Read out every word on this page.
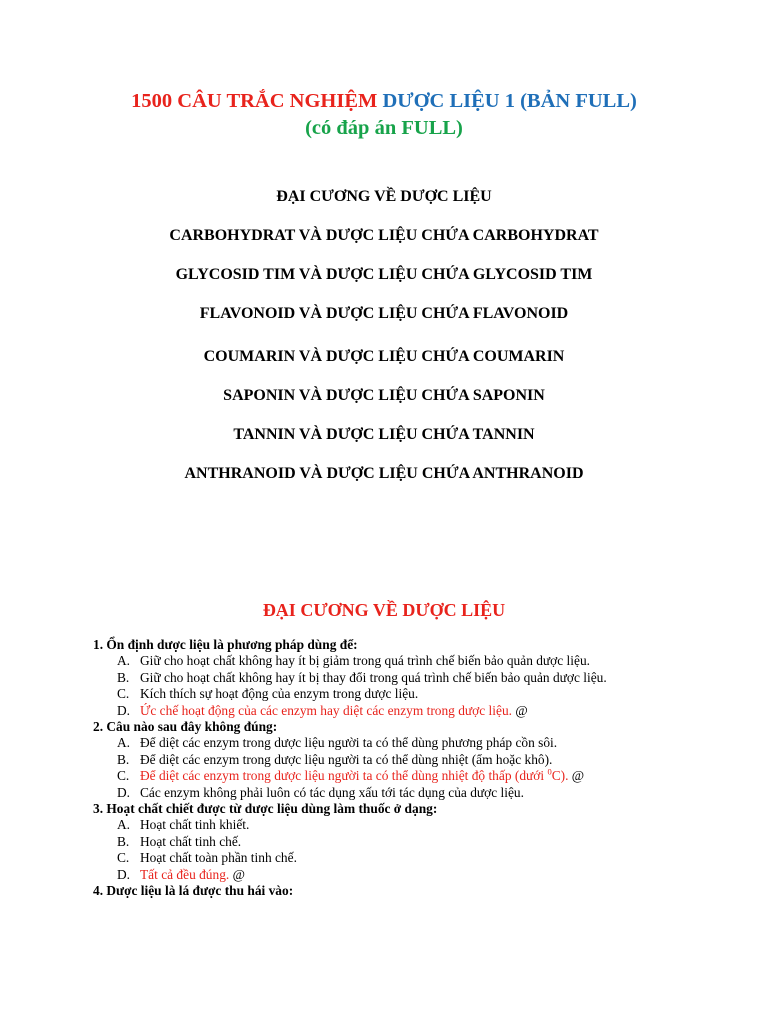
1500 CÂU TRẮC NGHIỆM DƯỢC LIỆU 1 (BẢN FULL)
(có đáp án FULL)
ĐẠI CƯƠNG VỀ DƯỢC LIỆU
CARBOHYDRAT VÀ DƯỢC LIỆU CHỨA CARBOHYDRAT
GLYCOSID TIM VÀ DƯỢC LIỆU CHỨA GLYCOSID TIM
FLAVONOID VÀ DƯỢC LIỆU CHỨA FLAVONOID
COUMARIN VÀ DƯỢC LIỆU CHỨA COUMARIN
SAPONIN VÀ DƯỢC LIỆU CHỨA SAPONIN
TANNIN VÀ DƯỢC LIỆU CHỨA TANNIN
ANTHRANOID VÀ DƯỢC LIỆU CHỨA ANTHRANOID
ĐẠI CƯƠNG VỀ DƯỢC LIỆU
1. Ổn định dược liệu là phương pháp dùng để:
A. Giữ cho hoạt chất không hay ít bị giảm trong quá trình chế biến bảo quản dược liệu.
B. Giữ cho hoạt chất không hay ít bị thay đổi trong quá trình chế biến bảo quản dược liệu.
C. Kích thích sự hoạt động của enzym trong dược liệu.
D. Ức chế hoạt động của các enzym hay diệt các enzym trong dược liệu. @
2. Câu nào sau đây không đúng:
A. Để diệt các enzym trong dược liệu người ta có thể dùng phương pháp cồn sôi.
B. Để diệt các enzym trong dược liệu người ta có thể dùng nhiệt (ẩm hoặc khô).
C. Để diệt các enzym trong dược liệu người ta có thể dùng nhiệt độ thấp (dưới $^0$C). @
D. Các enzym không phải luôn có tác dụng xấu tới tác dụng của dược liệu.
3. Hoạt chất chiết được từ dược liệu dùng làm thuốc ở dạng:
A. Hoạt chất tinh khiết.
B. Hoạt chất tinh chế.
C. Hoạt chất toàn phần tinh chế.
D. Tất cả đều đúng. @
4. Dược liệu là lá được thu hái vào:
